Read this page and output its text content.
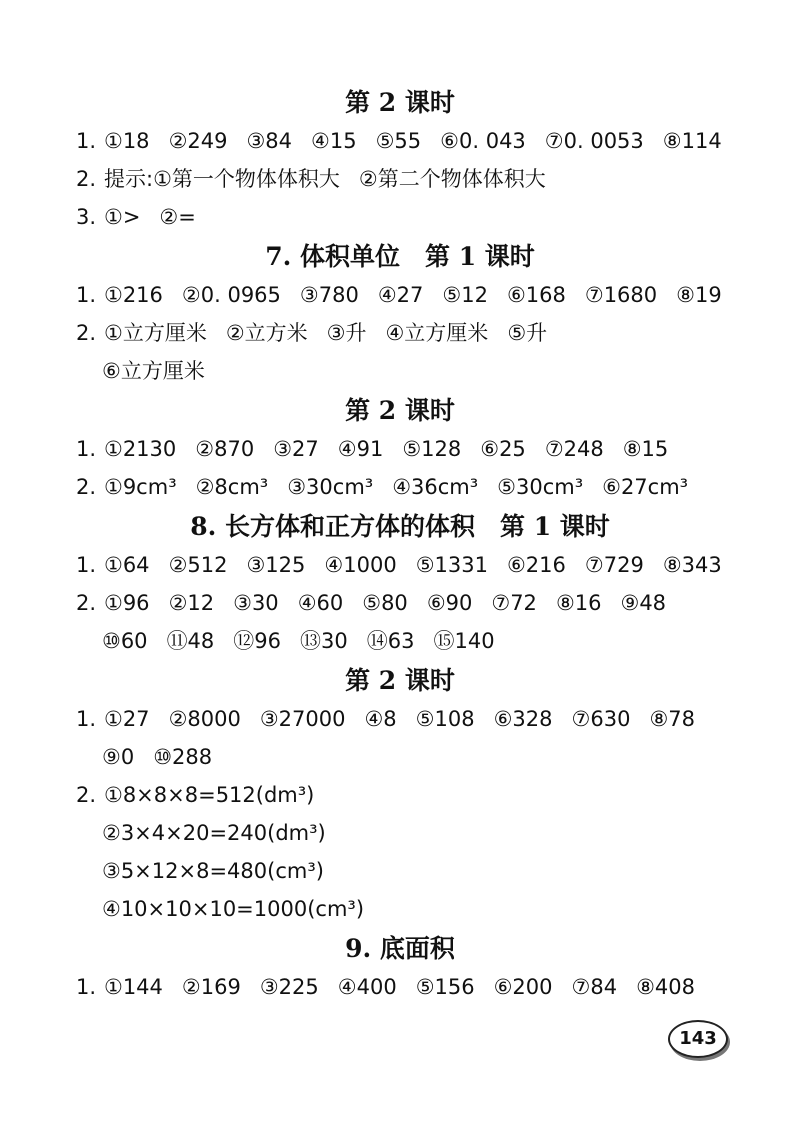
第 2 课时
1. ①18 ②249 ③84 ④15 ⑤55 ⑥0. 043 ⑦0. 0053 ⑧114
2. 提示:①第一个物体体积大 ②第二个物体体积大
3. ①> ②=
7. 体积单位　第 1 课时
1. ①216 ②0. 0965 ③780 ④27 ⑤12 ⑥168 ⑦1680 ⑧19
2. ①立方厘米 ②立方米 ③升 ④立方厘米 ⑤升
⑥立方厘米
第 2 课时
1. ①2130 ②870 ③27 ④91 ⑤128 ⑥25 ⑦248 ⑧15
2. ①9cm³ ②8cm³ ③30cm³ ④36cm³ ⑤30cm³ ⑥27cm³
8. 长方体和正方体的体积　第 1 课时
1. ①64 ②512 ③125 ④1000 ⑤1331 ⑥216 ⑦729 ⑧343
2. ①96 ②12 ③30 ④60 ⑤80 ⑥90 ⑦72 ⑧16 ⑨48
⑩60 ⑪48 ⑫96 ⑬30 ⑭63 ⑮140
第 2 课时
1. ①27 ②8000 ③27000 ④8 ⑤108 ⑥328 ⑦630 ⑧78
⑨0 ⑩288
2. ①8×8×8=512(dm³)
②3×4×20=240(dm³)
③5×12×8=480(cm³)
④10×10×10=1000(cm³)
9. 底面积
1. ①144 ②169 ③225 ④400 ⑤156 ⑥200 ⑦84 ⑧408
143
